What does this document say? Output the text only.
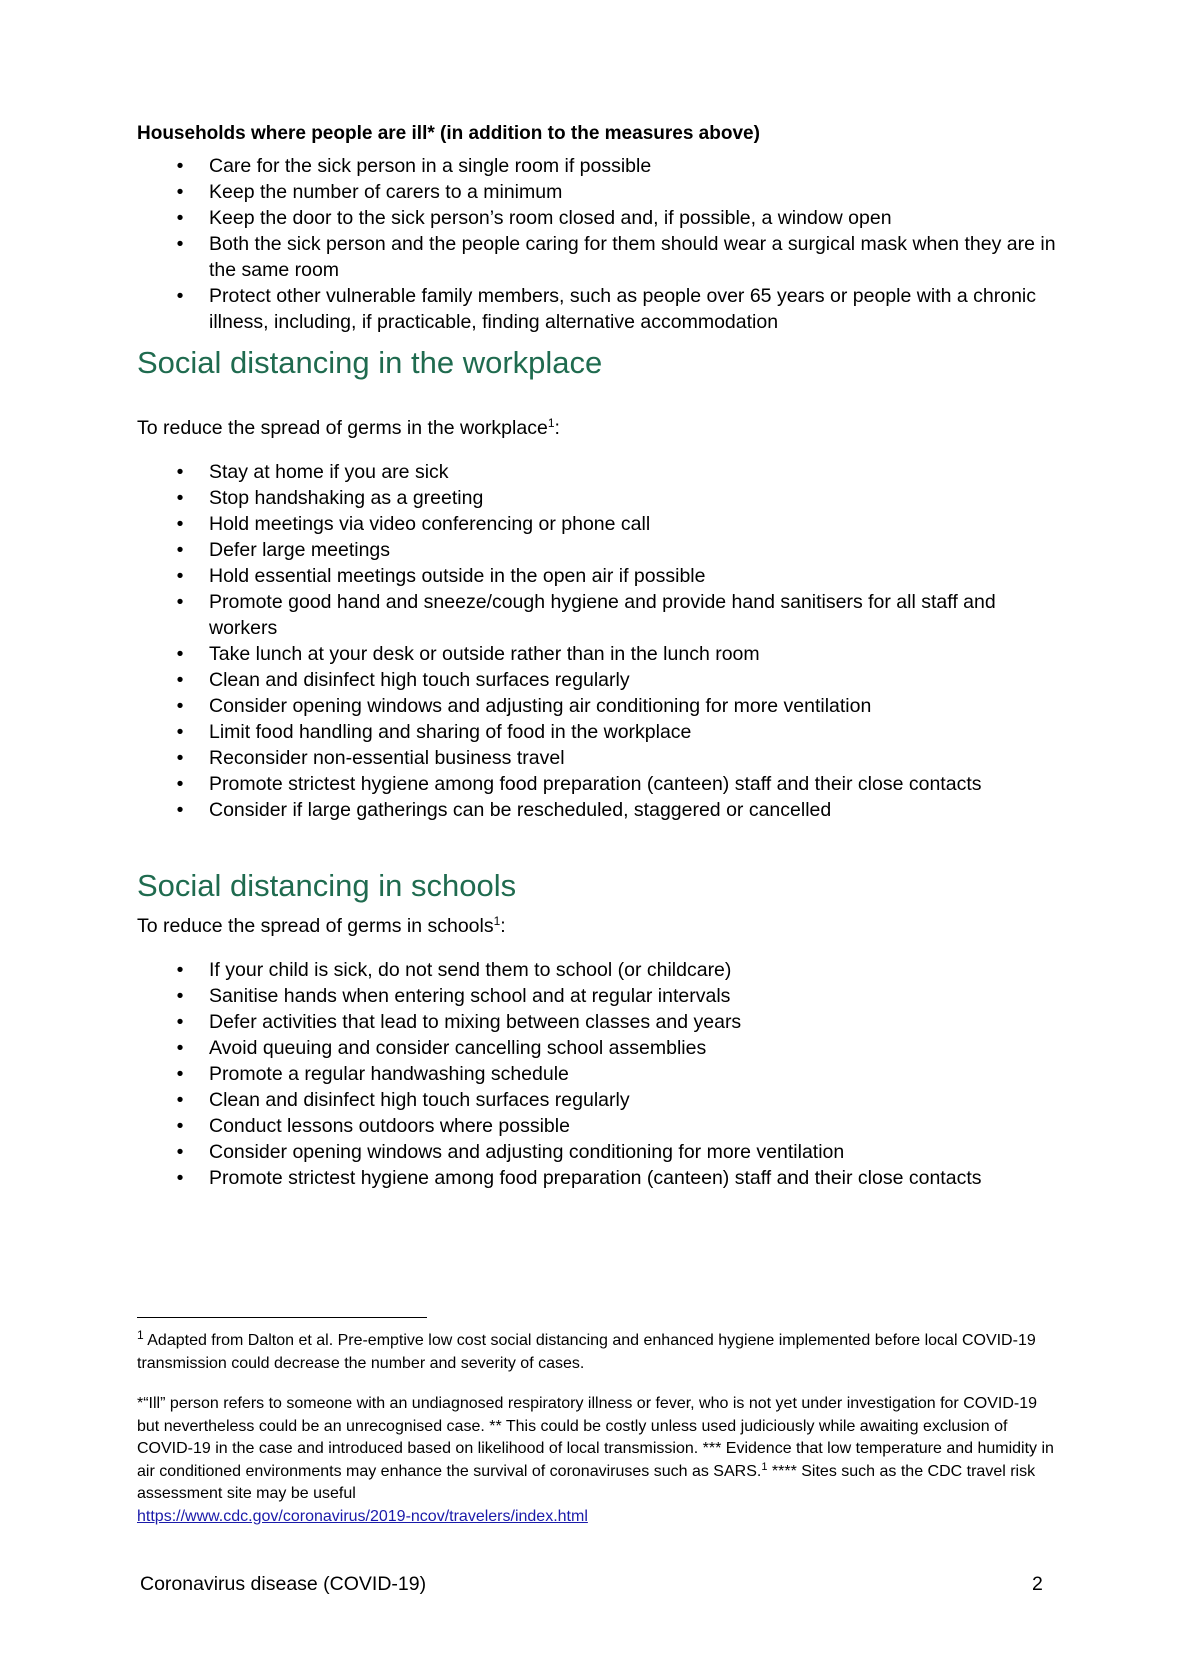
Households where people are ill* (in addition to the measures above)
• Care for the sick person in a single room if possible
• Keep the number of carers to a minimum
• Keep the door to the sick person’s room closed and, if possible, a window open
• Both the sick person and the people caring for them should wear a surgical mask when they are in the same room
• Protect other vulnerable family members, such as people over 65 years or people with a chronic illness, including, if practicable, finding alternative accommodation
Social distancing in the workplace
To reduce the spread of germs in the workplace$^1$:
• Stay at home if you are sick
• Stop handshaking as a greeting
• Hold meetings via video conferencing or phone call
• Defer large meetings
• Hold essential meetings outside in the open air if possible
• Promote good hand and sneeze/cough hygiene and provide hand sanitisers for all staff and workers
• Take lunch at your desk or outside rather than in the lunch room
• Clean and disinfect high touch surfaces regularly
• Consider opening windows and adjusting air conditioning for more ventilation
• Limit food handling and sharing of food in the workplace
• Reconsider non-essential business travel
• Promote strictest hygiene among food preparation (canteen) staff and their close contacts
• Consider if large gatherings can be rescheduled, staggered or cancelled
Social distancing in schools
To reduce the spread of germs in schools$^1$:
• If your child is sick, do not send them to school (or childcare)
• Sanitise hands when entering school and at regular intervals
• Defer activities that lead to mixing between classes and years
• Avoid queuing and consider cancelling school assemblies
• Promote a regular handwashing schedule
• Clean and disinfect high touch surfaces regularly
• Conduct lessons outdoors where possible
• Consider opening windows and adjusting conditioning for more ventilation
• Promote strictest hygiene among food preparation (canteen) staff and their close contacts
$^1$ Adapted from Dalton et al. Pre-emptive low cost social distancing and enhanced hygiene implemented before local COVID-19 transmission could decrease the number and severity of cases.
*“Ill” person refers to someone with an undiagnosed respiratory illness or fever, who is not yet under investigation for COVID-19 but nevertheless could be an unrecognised case. ** This could be costly unless used judiciously while awaiting exclusion of COVID-19 in the case and introduced based on likelihood of local transmission. *** Evidence that low temperature and humidity in air conditioned environments may enhance the survival of coronaviruses such as SARS.$^1$ **** Sites such as the CDC travel risk assessment site may be useful
https://www.cdc.gov/coronavirus/2019-ncov/travelers/index.html
Coronavirus disease (COVID-19)	2
